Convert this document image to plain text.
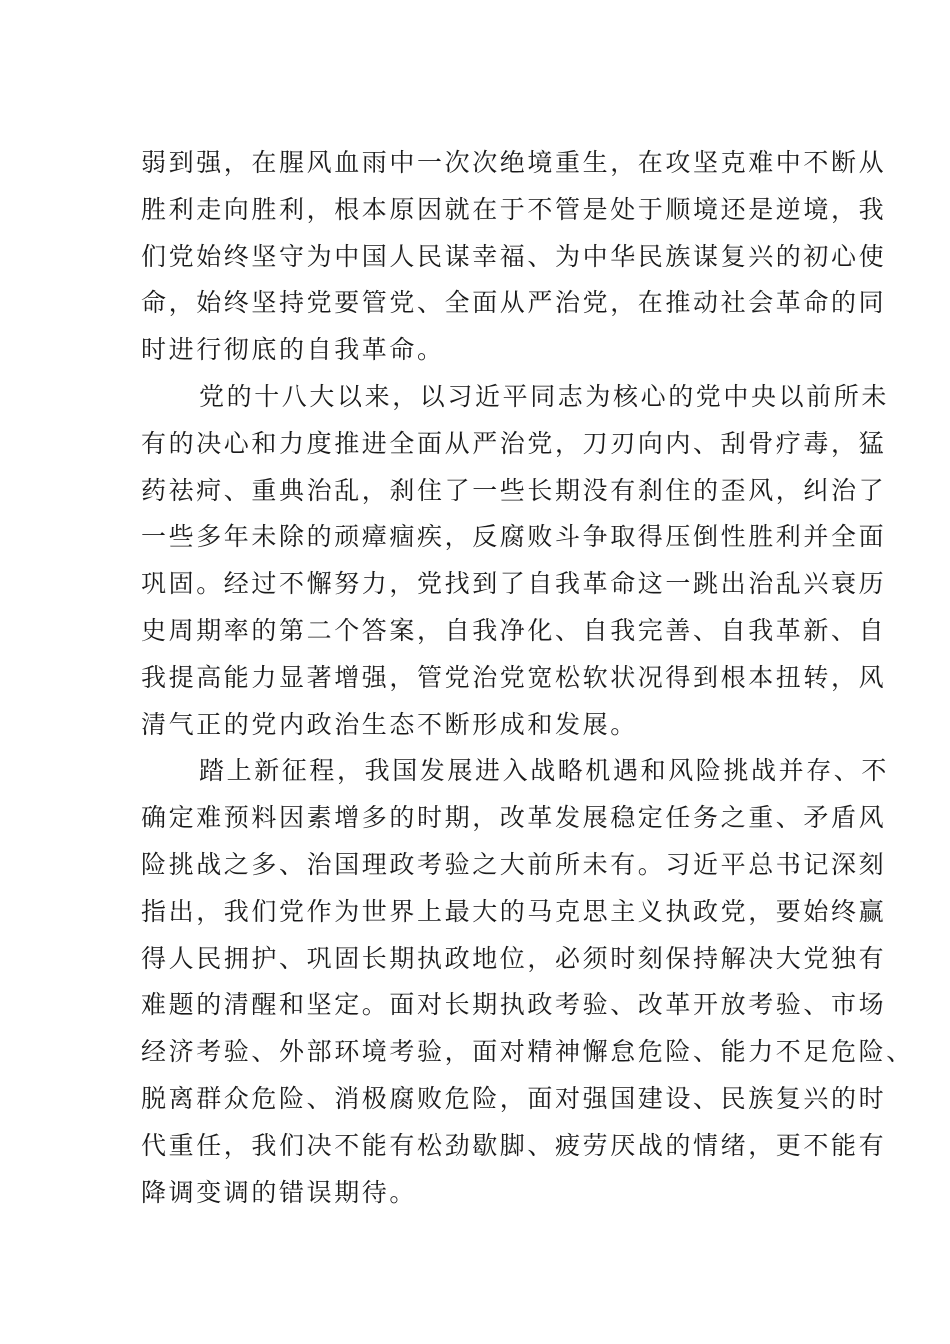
弱到强，在腥风血雨中一次次绝境重生，在攻坚克难中不断从
胜利走向胜利，根本原因就在于不管是处于顺境还是逆境，我
们党始终坚守为中国人民谋幸福、为中华民族谋复兴的初心使
命，始终坚持党要管党、全面从严治党，在推动社会革命的同
时进行彻底的自我革命。
党的十八大以来，以习近平同志为核心的党中央以前所未
有的决心和力度推进全面从严治党，刀刃向内、刮骨疗毒，猛
药祛疴、重典治乱，刹住了一些长期没有刹住的歪风，纠治了
一些多年未除的顽瘴痼疾，反腐败斗争取得压倒性胜利并全面
巩固。经过不懈努力，党找到了自我革命这一跳出治乱兴衰历
史周期率的第二个答案，自我净化、自我完善、自我革新、自
我提高能力显著增强，管党治党宽松软状况得到根本扭转，风
清气正的党内政治生态不断形成和发展。
踏上新征程，我国发展进入战略机遇和风险挑战并存、不
确定难预料因素增多的时期，改革发展稳定任务之重、矛盾风
险挑战之多、治国理政考验之大前所未有。习近平总书记深刻
指出，我们党作为世界上最大的马克思主义执政党，要始终赢
得人民拥护、巩固长期执政地位，必须时刻保持解决大党独有
难题的清醒和坚定。面对长期执政考验、改革开放考验、市场
经济考验、外部环境考验，面对精神懈怠危险、能力不足危险、
脱离群众危险、消极腐败危险，面对强国建设、民族复兴的时
代重任，我们决不能有松劲歇脚、疲劳厌战的情绪，更不能有
降调变调的错误期待。
